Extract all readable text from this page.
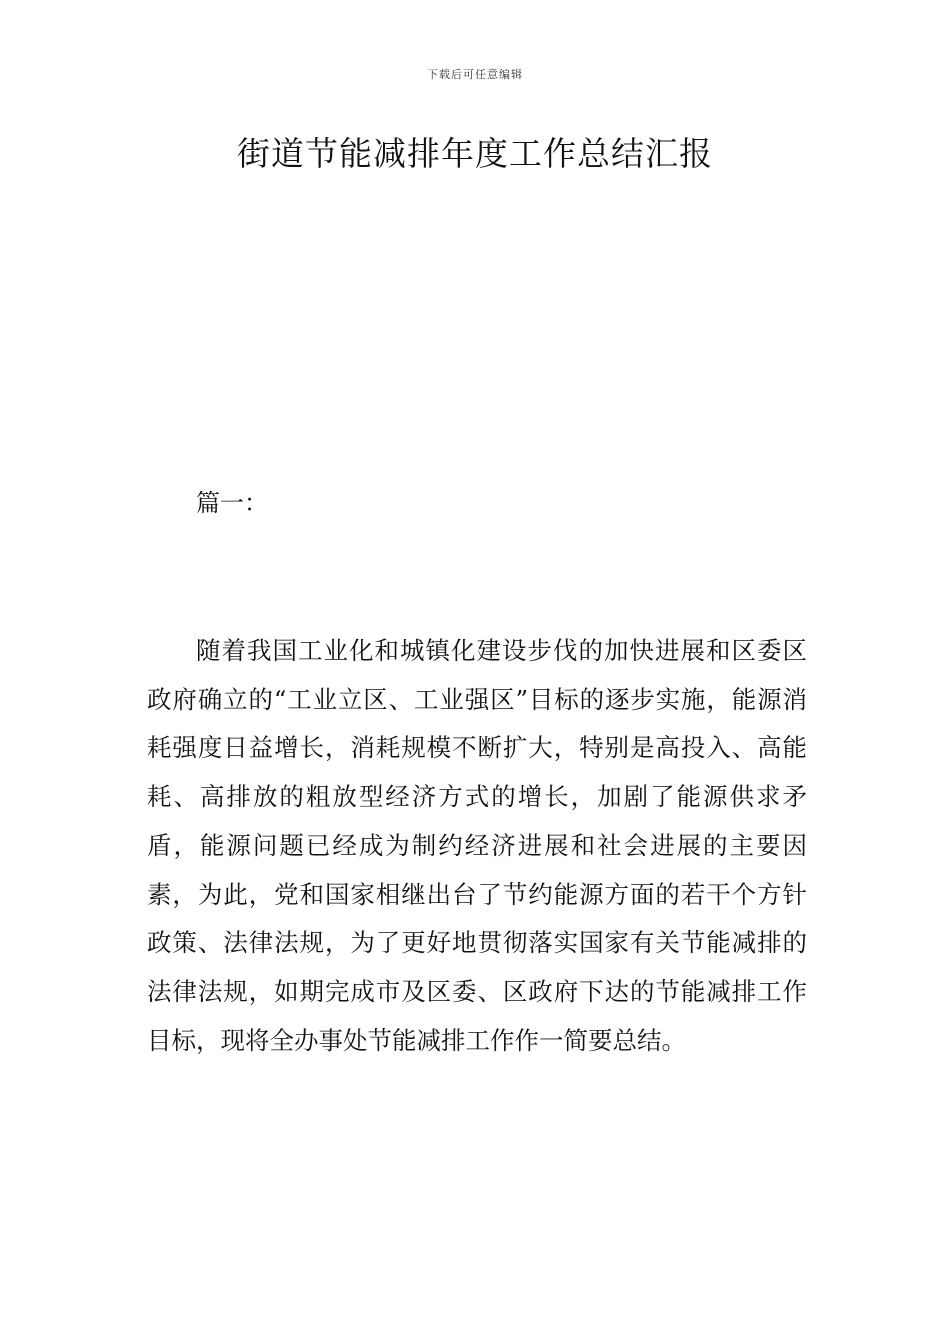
下载后可任意编辑
街道节能减排年度工作总结汇报
篇一：

随着我国工业化和城镇化建设步伐的加快进展和区委区政府确立的“工业立区、工业强区”目标的逐步实施，能源消耗强度日益增长，消耗规模不断扩大，特别是高投入、高能耗、高排放的粗放型经济方式的增长，加剧了能源供求矛盾，能源问题已经成为制约经济进展和社会进展的主要因素，为此，党和国家相继出台了节约能源方面的若干个方针政策、法律法规，为了更好地贯彻落实国家有关节能减排的法律法规，如期完成市及区委、区政府下达的节能减排工作目标，现将全办事处节能减排工作作一简要总结。
